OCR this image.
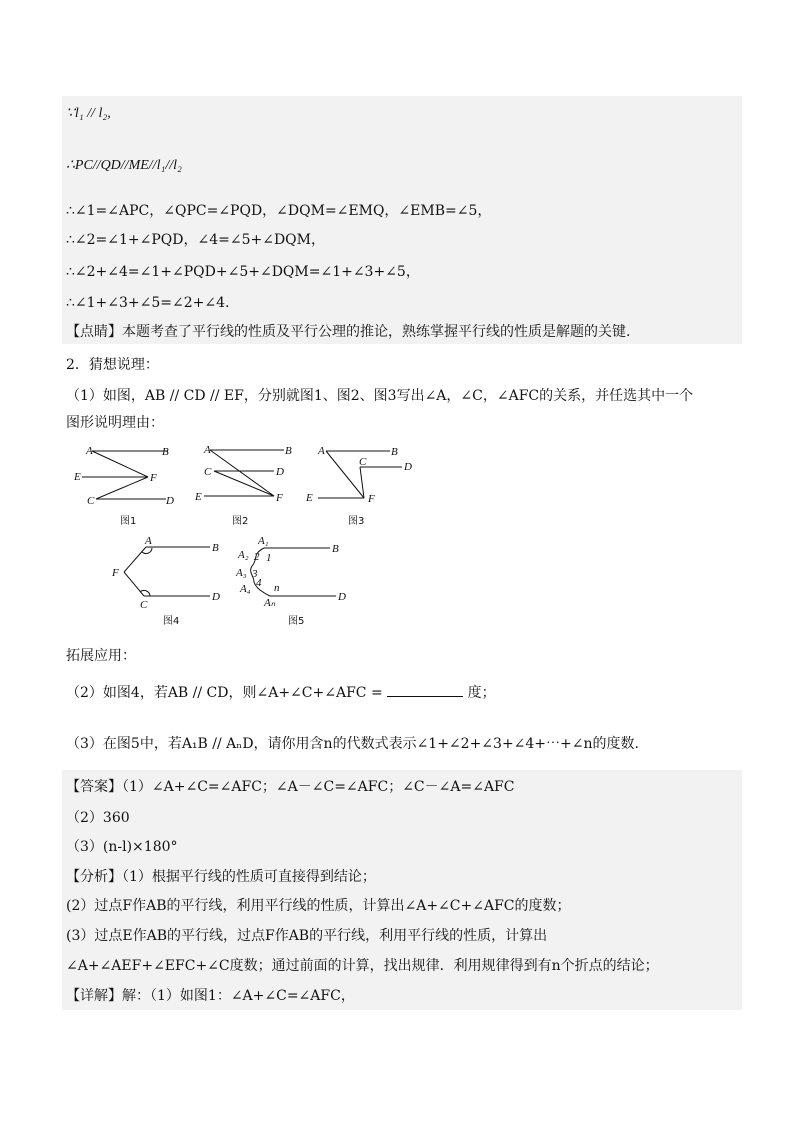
∵l₁ // l₂,
∴PC//QD//ME//l₁//l₂
∴∠1=∠APC，∠QPC=∠PQD，∠DQM=∠EMQ，∠EMB=∠5，
∴∠2=∠1+∠PQD，∠4=∠5+∠DQM，
∴∠2+∠4=∠1+∠PQD+∠5+∠DQM=∠1+∠3+∠5，
∴∠1+∠3+∠5=∠2+∠4.
【点睛】本题考查了平行线的性质及平行公理的推论，熟练掌握平行线的性质是解题的关键.
2．猜想说理：
（1）如图，AB // CD // EF，分别就图1、图2、图3写出∠A，∠C，∠AFC的关系，并任选其中一个
图形说明理由：
A	B
E	F
C	D
图1
A	B
C	D
E	F
图2
A	B
C	D
E	F
图3
A
B
F
C
D
图4
A₁
B
A₂ 2 1
A₃ 3
4
A₄ n
Aₙ	D
图5
拓展应用：
（2）如图4，若AB // CD，则∠A+∠C+∠AFC =	度；
（3）在图5中，若A₁B // AₙD，请你用含n的代数式表示∠1+∠2+∠3+∠4+⋯+∠n的度数.
【答案】（1）∠A+∠C=∠AFC；∠A－∠C=∠AFC；∠C－∠A=∠AFC
（2）360
（3）(n-l)×180°
【分析】（1）根据平行线的性质可直接得到结论；
(2）过点F作AB的平行线，利用平行线的性质，计算出∠A+∠C+∠AFC的度数；
(3）过点E作AB的平行线，过点F作AB的平行线，利用平行线的性质，计算出
∠A+∠AEF+∠EFC+∠C度数；通过前面的计算，找出规律．利用规律得到有n个折点的结论；
【详解】解：（1）如图1：∠A+∠C=∠AFC，
